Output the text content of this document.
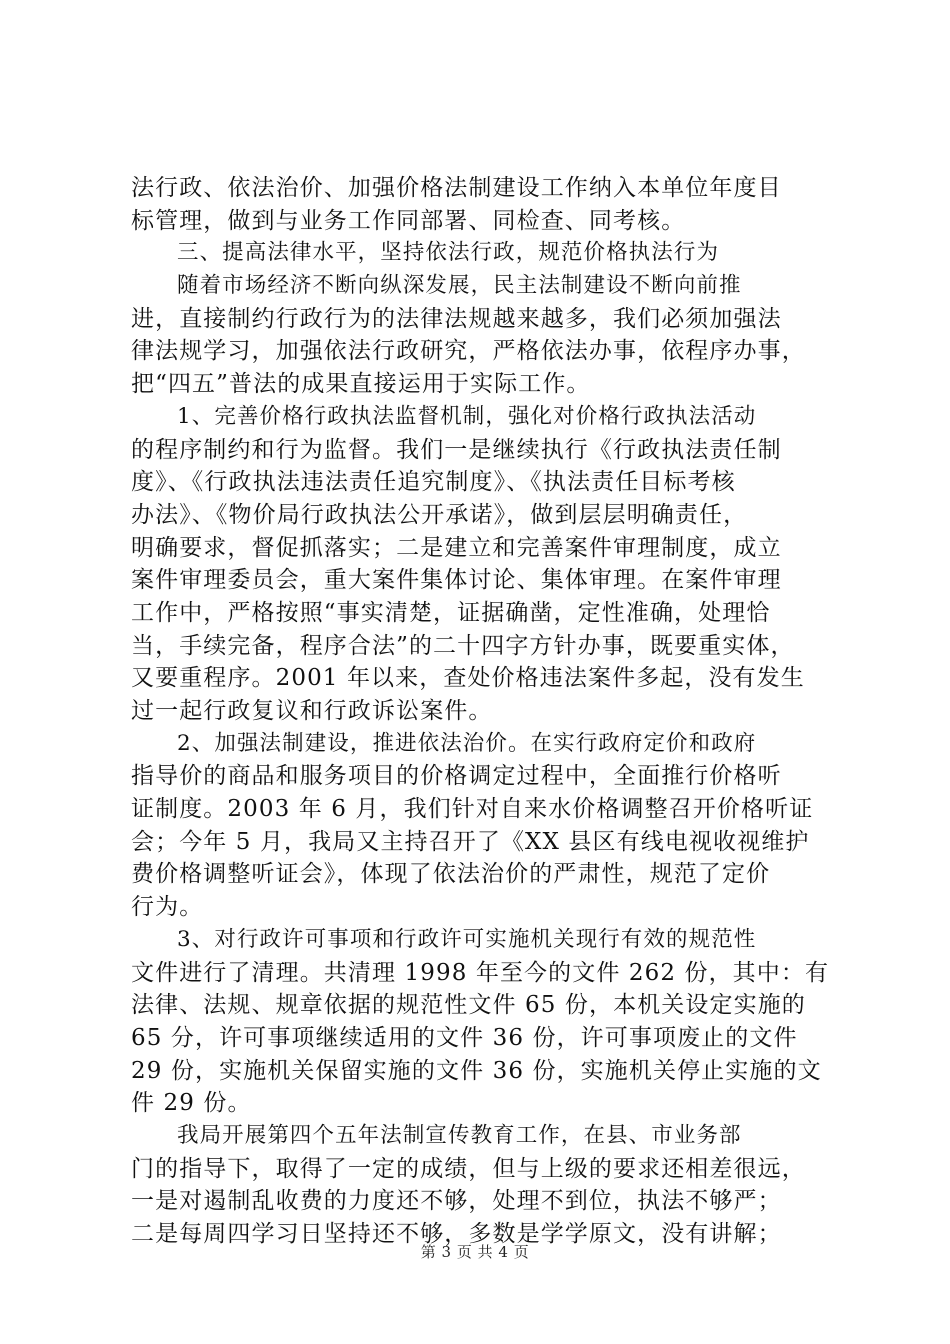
法行政、依法治价、加强价格法制建设工作纳入本单位年度目
标管理，做到与业务工作同部署、同检查、同考核。
三、提高法律水平，坚持依法行政，规范价格执法行为
随着市场经济不断向纵深发展，民主法制建设不断向前推
进，直接制约行政行为的法律法规越来越多，我们必须加强法
律法规学习，加强依法行政研究，严格依法办事，依程序办事，
把“四五”普法的成果直接运用于实际工作。
1、完善价格行政执法监督机制，强化对价格行政执法活动
的程序制约和行为监督。我们一是继续执行《行政执法责任制
度》、《行政执法违法责任追究制度》、《执法责任目标考核
办法》、《物价局行政执法公开承诺》，做到层层明确责任，
明确要求，督促抓落实；二是建立和完善案件审理制度，成立
案件审理委员会，重大案件集体讨论、集体审理。在案件审理
工作中，严格按照“事实清楚，证据确凿，定性准确，处理恰
当，手续完备，程序合法”的二十四字方针办事，既要重实体，
又要重程序。2001 年以来，查处价格违法案件多起，没有发生
过一起行政复议和行政诉讼案件。
2、加强法制建设，推进依法治价。在实行政府定价和政府
指导价的商品和服务项目的价格调定过程中，全面推行价格听
证制度。2003 年 6 月，我们针对自来水价格调整召开价格听证
会；今年 5 月，我局又主持召开了《XX 县区有线电视收视维护
费价格调整听证会》，体现了依法治价的严肃性，规范了定价
行为。
3、对行政许可事项和行政许可实施机关现行有效的规范性
文件进行了清理。共清理 1998 年至今的文件 262 份，其中：有
法律、法规、规章依据的规范性文件 65 份，本机关设定实施的
65 分，许可事项继续适用的文件 36 份，许可事项废止的文件
29 份，实施机关保留实施的文件 36 份，实施机关停止实施的文
件 29 份。
我局开展第四个五年法制宣传教育工作，在县、市业务部
门的指导下，取得了一定的成绩，但与上级的要求还相差很远，
一是对遏制乱收费的力度还不够，处理不到位，执法不够严；
二是每周四学习日坚持还不够，多数是学学原文，没有讲解；
第 3 页 共 4 页
